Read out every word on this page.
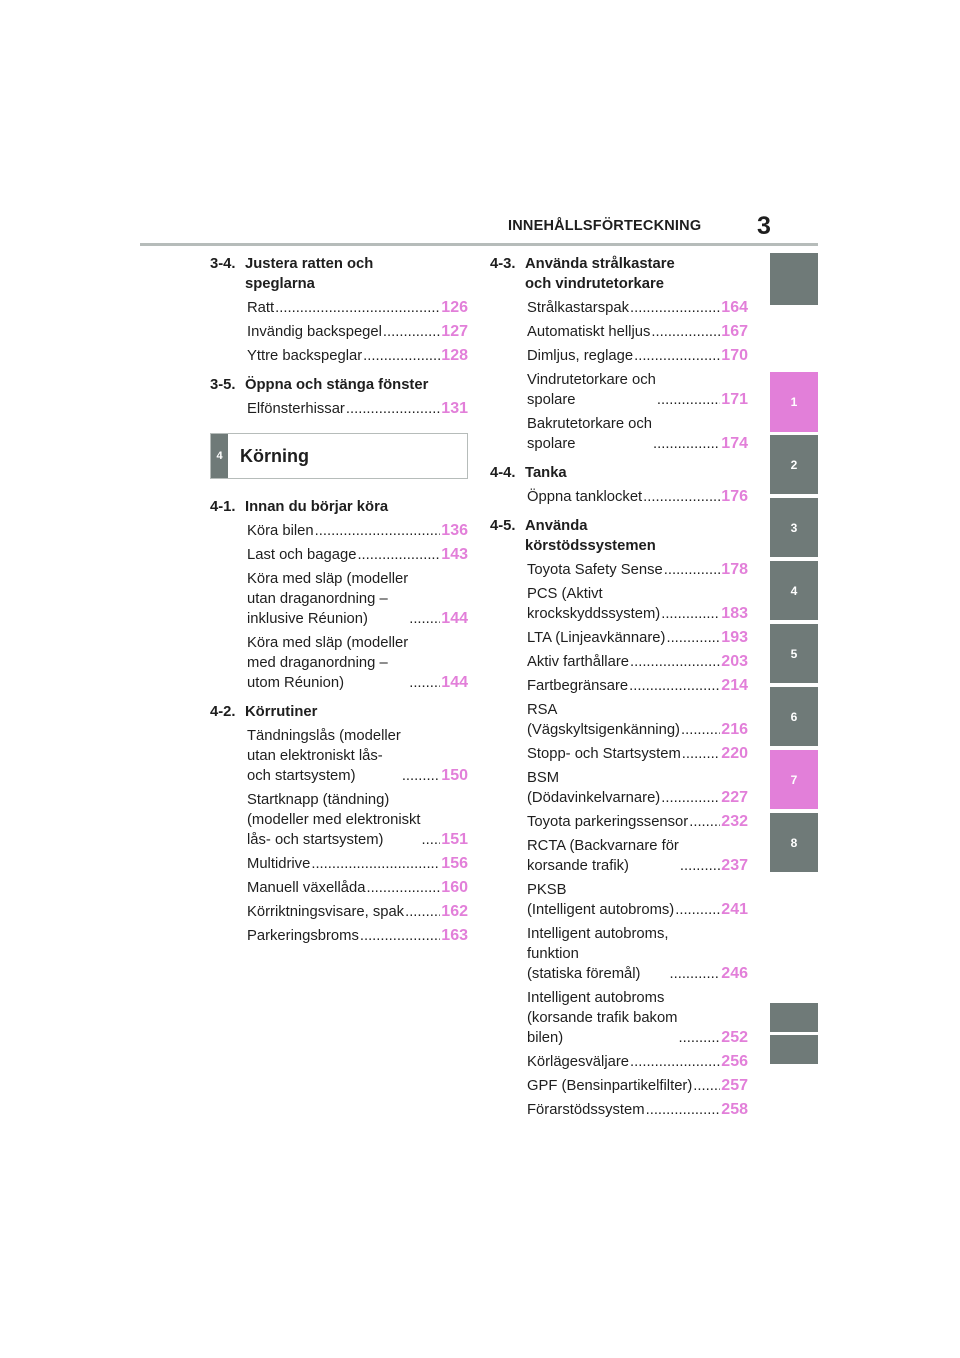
INNEHÅLLSFÖRTECKNING 3
1
2
3
4
5
6
7
8
3-4. Justera ratten och
speglarna
Ratt .....	126
Invändig backspegel .....	127
Yttre backspeglar .....	128
3-5. Öppna och stänga fönster
Elfönsterhissar .....	131
4 Körning
4-1. Innan du börjar köra
Köra bilen .....	136
Last och bagage .....	143
Köra med släp (modeller
utan draganordning –
inklusive Réunion) .....	144
Köra med släp (modeller
med draganordning –
utom Réunion) .....	144
4-2. Körrutiner
Tändningslås (modeller
utan elektroniskt lås-
och startsystem) .....	150
Startknapp (tändning)
(modeller med elektroniskt
lås- och startsystem) .....	151
Multidrive .....	156
Manuell växellåda .....	160
Körriktningsvisare, spak ..... 162
Parkeringsbroms .....	163
4-3. Använda strålkastare
och vindrutetorkare
Strålkastarspak .....	164
Automatiskt helljus .....	167
Dimljus, reglage .....	170
Vindrutetorkare och
spolare .....	171
Bakrutetorkare och
spolare .....	174
4-4. Tanka
Öppna tanklocket .....	176
4-5. Använda
körstödssystemen
Toyota Safety Sense .....	178
PCS (Aktivt
krockskyddssystem) .....	183
LTA (Linjeavkännare) .....	193
Aktiv farthållare .....	203
Fartbegränsare .....	214
RSA
(Vägskyltsigenkänning) .....	216
Stopp- och Startsystem .....	220
BSM
(Dödavinkelvarnare) .....	227
Toyota parkeringssensor ..... 232
RCTA (Backvarnare för
korsande trafik) .....	237
PKSB
(Intelligent autobroms) .....	241
Intelligent autobroms,
funktion
(statiska föremål) .....	246
Intelligent autobroms
(korsande trafik bakom
bilen) .....	252
Körlägesväljare .....	256
GPF (Bensinpartikelfilter) ..... 257
Förarstödssystem .....	258
